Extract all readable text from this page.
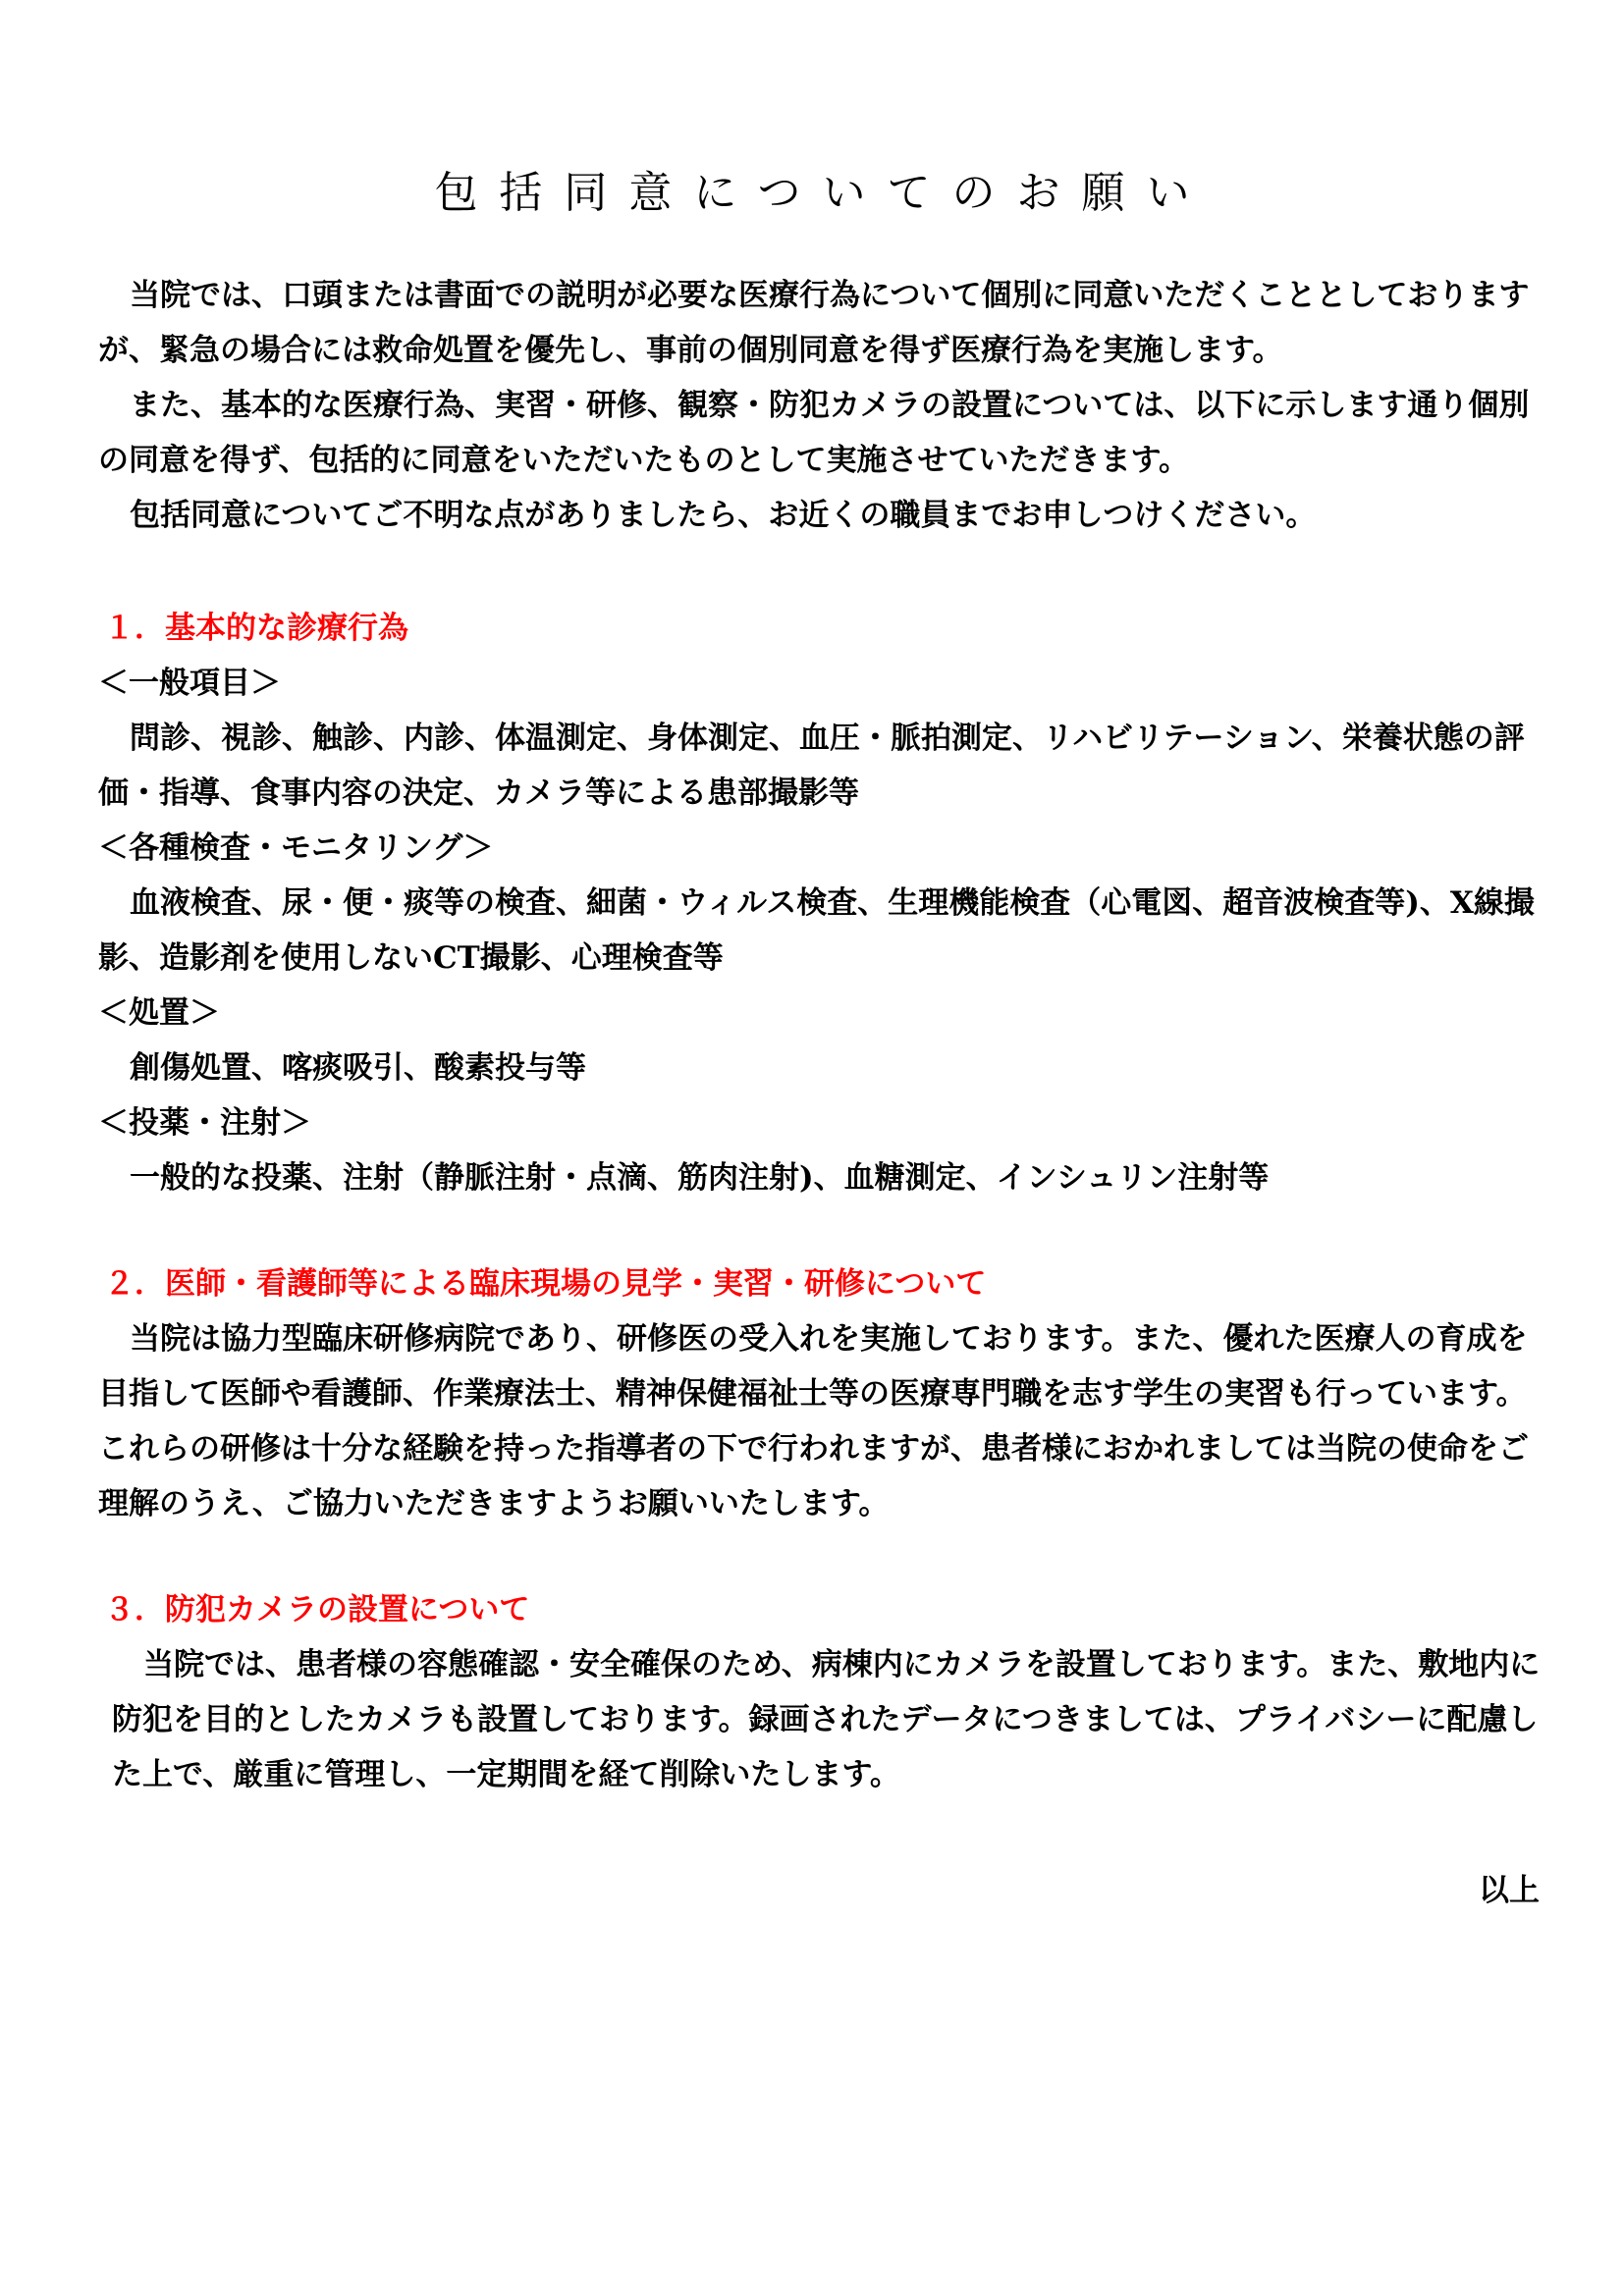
包括同意についてのお願い

当院では、口頭または書面での説明が必要な医療行為について個別に同意いただくこととしておりますが、緊急の場合には救命処置を優先し、事前の個別同意を得ず医療行為を実施します。

また、基本的な医療行為、実習・研修、観察・防犯カメラの設置については、以下に示します通り個別の同意を得ず、包括的に同意をいただいたものとして実施させていただきます。

包括同意についてご不明な点がありましたら、お近くの職員までお申しつけください。

１．基本的な診療行為

＜一般項目＞

問診、視診、触診、内診、体温測定、身体測定、血圧・脈拍測定、リハビリテーション、栄養状態の評価・指導、食事内容の決定、カメラ等による患部撮影等

＜各種検査・モニタリング＞

血液検査、尿・便・痰等の検査、細菌・ウィルス検査、生理機能検査（心電図、超音波検査等)、X線撮影、造影剤を使用しないCT撮影、心理検査等

＜処置＞

創傷処置、喀痰吸引、酸素投与等

＜投薬・注射＞

一般的な投薬、注射（静脈注射・点滴、筋肉注射)、血糖測定、インシュリン注射等

２．医師・看護師等による臨床現場の見学・実習・研修について

当院は協力型臨床研修病院であり、研修医の受入れを実施しております。また、優れた医療人の育成を目指して医師や看護師、作業療法士、精神保健福祉士等の医療専門職を志す学生の実習も行っています。これらの研修は十分な経験を持った指導者の下で行われますが、患者様におかれましては当院の使命をご理解のうえ、ご協力いただきますようお願いいたします。

３．防犯カメラの設置について

当院では、患者様の容態確認・安全確保のため、病棟内にカメラを設置しております。また、敷地内に防犯を目的としたカメラも設置しております。録画されたデータにつきましては、プライバシーに配慮した上で、厳重に管理し、一定期間を経て削除いたします。

以上
